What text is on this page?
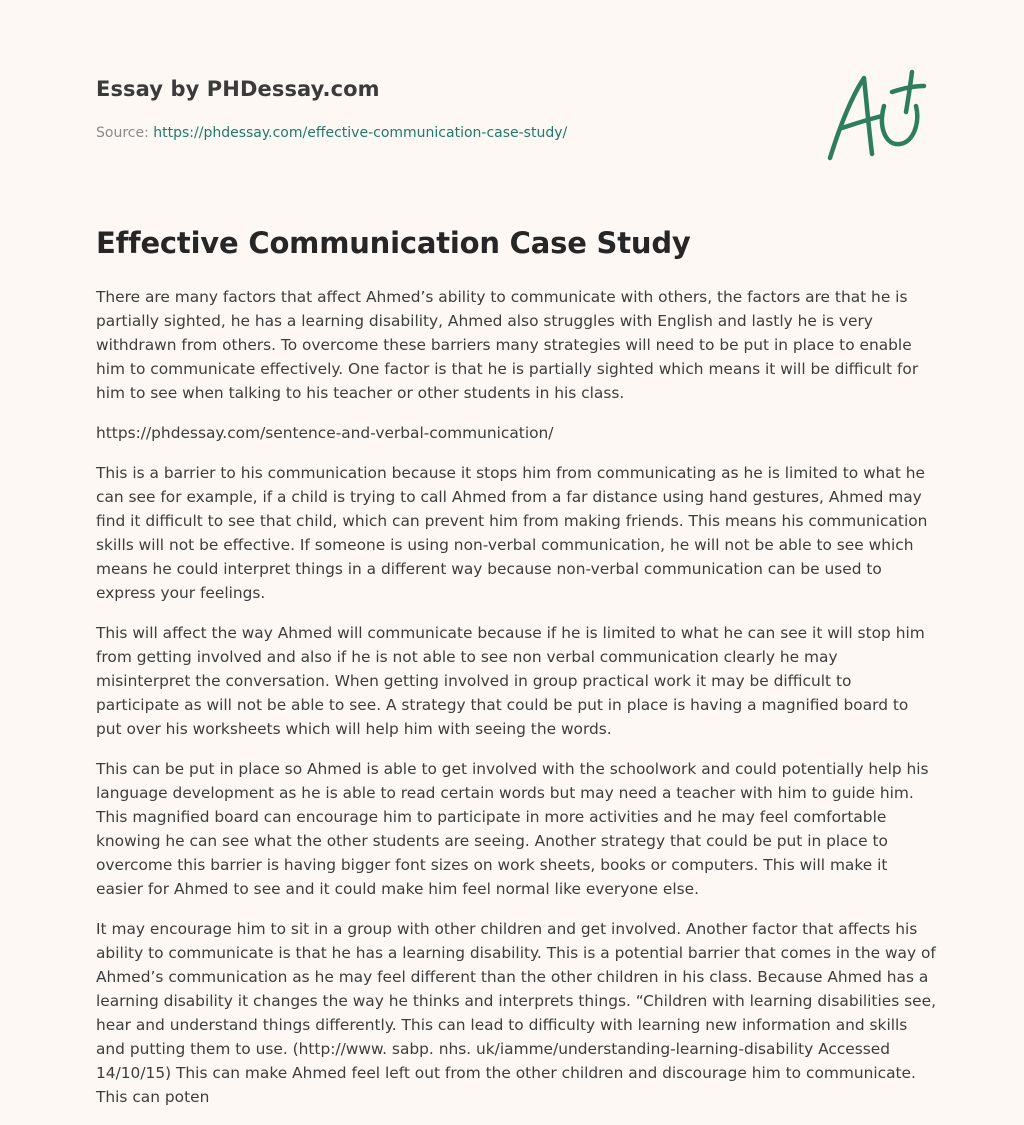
Essay by PHDessay.com
Source: https://phdessay.com/effective-communication-case-study/
Effective Communication Case Study

There are many factors that affect Ahmed’s ability to communicate with others, the factors are that he is partially sighted, he has a learning disability, Ahmed also struggles with English and lastly he is very withdrawn from others. To overcome these barriers many strategies will need to be put in place to enable him to communicate effectively. One factor is that he is partially sighted which means it will be difficult for him to see when talking to his teacher or other students in his class.

https://phdessay.com/sentence-and-verbal-communication/

This is a barrier to his communication because it stops him from communicating as he is limited to what he can see for example, if a child is trying to call Ahmed from a far distance using hand gestures, Ahmed may find it difficult to see that child, which can prevent him from making friends. This means his communication skills will not be effective. If someone is using non-verbal communication, he will not be able to see which means he could interpret things in a different way because non-verbal communication can be used to express your feelings.

This will affect the way Ahmed will communicate because if he is limited to what he can see it will stop him from getting involved and also if he is not able to see non verbal communication clearly he may misinterpret the conversation. When getting involved in group practical work it may be difficult to participate as will not be able to see. A strategy that could be put in place is having a magnified board to put over his worksheets which will help him with seeing the words.

This can be put in place so Ahmed is able to get involved with the schoolwork and could potentially help his language development as he is able to read certain words but may need a teacher with him to guide him. This magnified board can encourage him to participate in more activities and he may feel comfortable knowing he can see what the other students are seeing. Another strategy that could be put in place to overcome this barrier is having bigger font sizes on work sheets, books or computers. This will make it easier for Ahmed to see and it could make him feel normal like everyone else.

It may encourage him to sit in a group with other children and get involved. Another factor that affects his ability to communicate is that he has a learning disability. This is a potential barrier that comes in the way of Ahmed’s communication as he may feel different than the other children in his class. Because Ahmed has a learning disability it changes the way he thinks and interprets things. “Children with learning disabilities see, hear and understand things differently. This can lead to difficulty with learning new information and skills and putting them to use. (http://www. sabp. nhs. uk/iamme/understanding-learning-disability Accessed 14/10/15) This can make Ahmed feel left out from the other children and discourage him to communicate. This can poten
